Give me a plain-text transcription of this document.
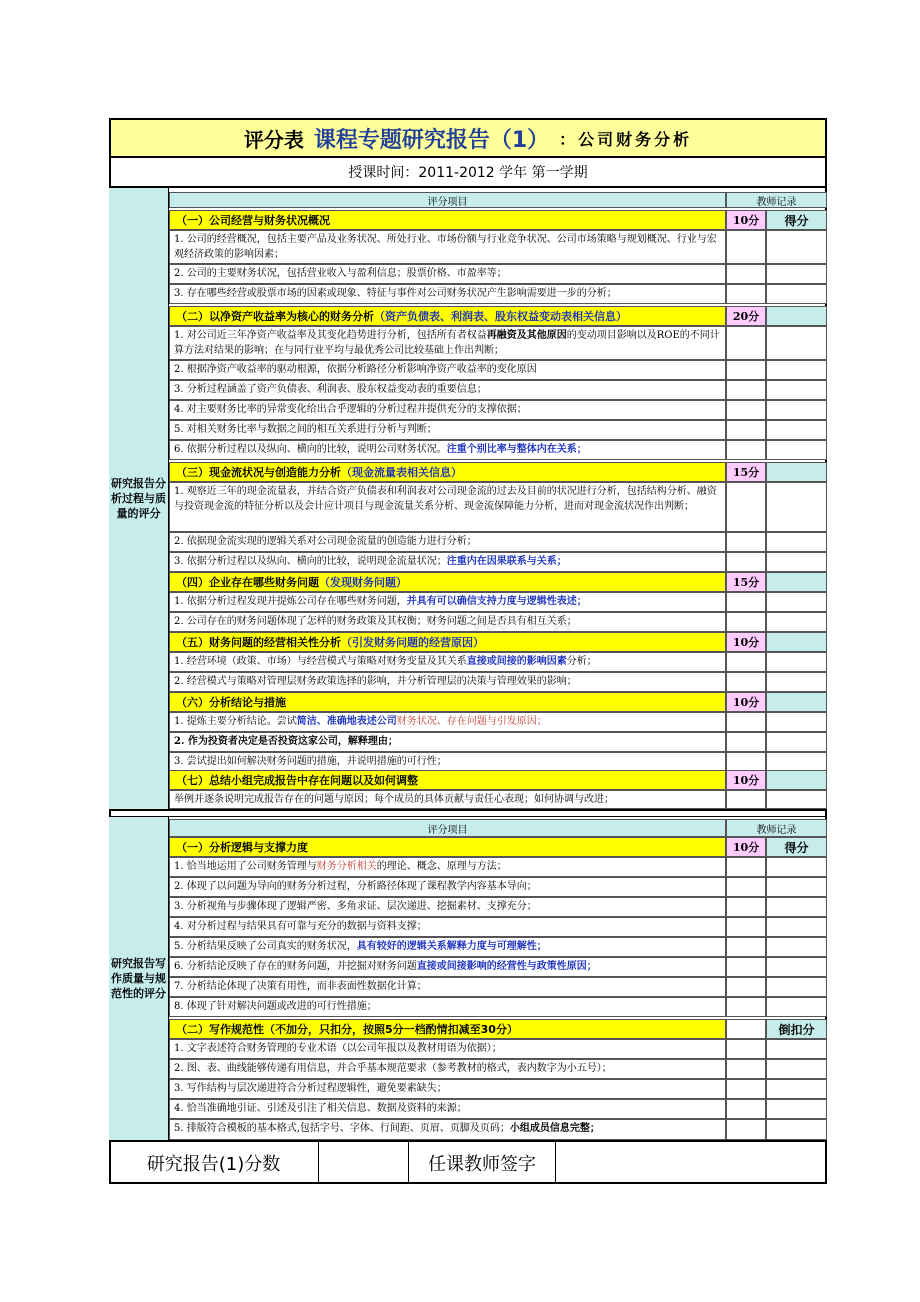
评分表 课程专题研究报告（1） ：公司财务分析
授课时间：2011-2012 学年 第一学期
研究报告分析过程与质量的评分
评分项目	教师记录
（一）公司经营与财务状况概况	10分	得分
1. 公司的经营概况，包括主要产品及业务状况、所处行业、市场份额与行业竞争状况、公司市场策略与规划概况、行业与宏观经济政策的影响因素；
2. 公司的主要财务状况，包括营业收入与盈利信息；股票价格、市盈率等；
3. 存在哪些经营或股票市场的因素或现象、特征与事件对公司财务状况产生影响需要进一步的分析；
（二）以净资产收益率为核心的财务分析 （资产负债表、利润表、股东权益变动表相关信息）	20分
1. 对公司近三年净资产收益率及其变化趋势进行分析，包括所有者权益再融资及其他原因的变动项目影响以及ROE的不同计算方法对结果的影响；在与同行业平均与最优秀公司比较基础上作出判断；
2. 根据净资产收益率的驱动根源，依据分析路径分析影响净资产收益率的变化原因
3. 分析过程涵盖了资产负债表、利润表、股东权益变动表的重要信息；
4. 对主要财务比率的异常变化给出合乎逻辑的分析过程并提供充分的支撑依据；
5. 对相关财务比率与数据之间的相互关系进行分析与判断；
6. 依据分析过程以及纵向、横向的比较，说明公司财务状况。注重个别比率与整体内在关系；
（三）现金流状况与创造能力分析 （现金流量表相关信息）	15分
1. 观察近三年的现金流量表，并结合资产负债表和利润表对公司现金流的过去及目前的状况进行分析，包括结构分析、融资与投资现金流的特征分析以及会计应计项目与现金流量关系分析、现金流保障能力分析，进而对现金流状况作出判断；
2. 依据现金流实现的逻辑关系对公司现金流量的创造能力进行分析；
3. 依据分析过程以及纵向、横向的比较，说明现金流量状况；注重内在因果联系与关系；
（四）企业存在哪些财务问题 （发现财务问题）	15分
1. 依据分析过程发现并提炼公司存在哪些财务问题，并具有可以确信支持力度与逻辑性表述；
2. 公司存在的财务问题体现了怎样的财务政策及其权衡；财务问题之间是否具有相互关系；
（五）财务问题的经营相关性分析 （引发财务问题的经营原因）	10分
1. 经营环境（政策、市场）与经营模式与策略对财务变量及其关系直接或间接的影响因素分析；
2. 经营模式与策略对管理层财务政策选择的影响，并分析管理层的决策与管理效果的影响；
（六）分析结论与措施	10分
1. 提炼主要分析结论。尝试简洁、准确地表述公司财务状况、存在问题与引发原因；
2. 作为投资者决定是否投资这家公司，解释理由；
3. 尝试提出如何解决财务问题的措施，并说明措施的可行性；
（七）总结小组完成报告中存在问题以及如何调整	10分
举例并逐条说明完成报告存在的问题与原因；每个成员的具体贡献与责任心表现；如何协调与改进；
研究报告写作质量与规范性的评分
评分项目	教师记录
（一）分析逻辑与支撑力度	10分	得分
1. 恰当地运用了公司财务管理与财务分析相关的理论、概念、原理与方法；
2. 体现了以问题为导向的财务分析过程，分析路径体现了课程教学内容基本导向；
3. 分析视角与步骤体现了逻辑严密、多角求证、层次递进、挖掘素材、支撑充分；
4. 对分析过程与结果具有可靠与充分的数据与资料支撑；
5. 分析结果反映了公司真实的财务状况，具有较好的逻辑关系解释力度与可理解性；
6. 分析结论反映了存在的财务问题，并挖掘对财务问题直接或间接影响的经营性与政策性原因；
7. 分析结论体现了决策有用性，而非表面性数据化计算；
8. 体现了针对解决问题或改进的可行性措施；
（二）写作规范性（不加分，只扣分，按照5分一档酌情扣减至30分）	倒扣分
1. 文字表述符合财务管理的专业术语（以公司年报以及教材用语为依据）；
2. 图、表、曲线能够传递有用信息，并合乎基本规范要求（参考教材的格式，表内数字为小五号）；
3. 写作结构与层次递进符合分析过程逻辑性，避免要素缺失；
4. 恰当准确地引证、引述及引注了相关信息、数据及资料的来源；
5. 排版符合模板的基本格式,包括字号、字体、行间距、页眉、页脚及页码；小组成员信息完整；
研究报告(1)分数	任课教师签字
